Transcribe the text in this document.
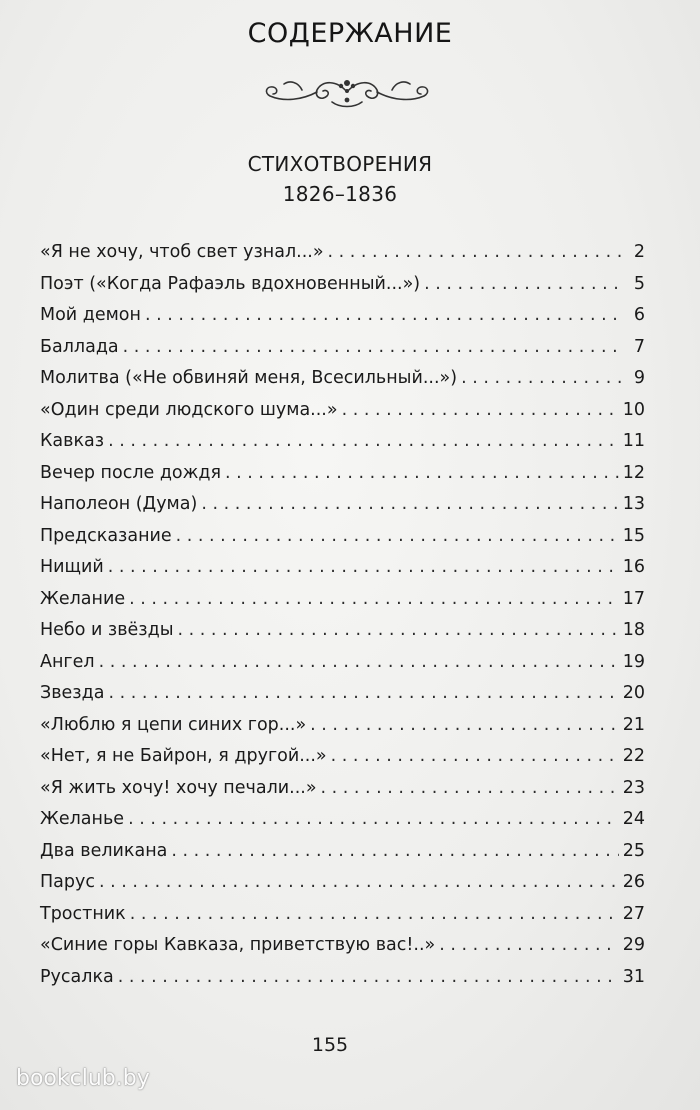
СОДЕРЖАНИЕ
СТИХОТВОРЕНИЯ
1826–1836
«Я не хочу, чтоб свет узнал...» . . .	2
Поэт («Когда Рафаэль вдохновенный...») . . .	5
Мой демон . . .	6
Баллада . . .	7
Молитва («Не обвиняй меня, Всесильный...») . . .	9
«Один среди людского шума...» . . .	10
Кавказ . . .	11
Вечер после дождя . . .	12
Наполеон (Дума) . . .	13
Предсказание . . .	15
Нищий . . .	16
Желание . . .	17
Небо и звёзды . . .	18
Ангел . . .	19
Звезда . . .	20
«Люблю я цепи синих гор...» . . .	21
«Нет, я не Байрон, я другой...» . . .	22
«Я жить хочу! хочу печали...» . . .	23
Желанье . . .	24
Два великана . . .	25
Парус . . .	26
Тростник . . .	27
«Синие горы Кавказа, приветствую вас!..» . . .	29
Русалка . . .	31
155
bookclub.by
